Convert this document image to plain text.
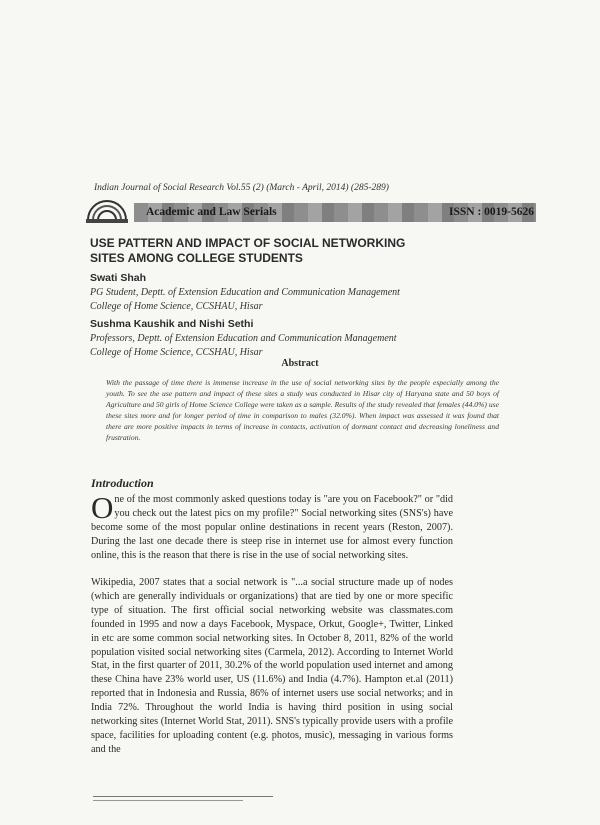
Indian Journal of Social Research Vol.55 (2) (March - April, 2014) (285-289)
Academic and Law Serials	ISSN : 0019-5626
USE PATTERN AND IMPACT OF SOCIAL NETWORKING
SITES AMONG COLLEGE STUDENTS
Swati Shah
PG Student, Deptt. of Extension Education and Communication Management
College of Home Science, CCSHAU, Hisar
Sushma Kaushik and Nishi Sethi
Professors, Deptt. of Extension Education and Communication Management
College of Home Science, CCSHAU, Hisar
Abstract

With the passage of time there is immense increase in the use of social networking sites by the people especially among the youth. To see the use pattern and impact of these sites a study was conducted in Hisar city of Haryana state and 50 boys of Agriculture and 50 girls of Home Science College were taken as a sample. Results of the study revealed that females (44.0%) use these sites more and for longer period of time in comparison to males (32.0%). When impact was assessed it was found that there are more positive impacts in terms of increase in contacts, activation of dormant contact and decreasing loneliness and frustration.

Introduction

One of the most commonly asked questions today is "are you on Facebook?" or "did you check out the latest pics on my profile?" Social networking sites (SNS's) have become some of the most popular online destinations in recent years (Reston, 2007). During the last one decade there is steep rise in internet use for almost every function online, this is the reason that there is rise in the use of social networking sites.

Wikipedia, 2007 states that a social network is "...a social structure made up of nodes (which are generally individuals or organizations) that are tied by one or more specific type of situation. The first official social networking website was classmates.com founded in 1995 and now a days Facebook, Myspace, Orkut, Google+, Twitter, Linked in etc are some common social networking sites. In October 8, 2011, 82% of the world population visited social networking sites (Carmela, 2012). According to Internet World Stat, in the first quarter of 2011, 30.2% of the world population used internet and among these China have 23% world user, US (11.6%) and India (4.7%). Hampton et.al (2011) reported that in Indonesia and Russia, 86% of internet users use social networks; and in India 72%. Throughout the world India is having third position in using social networking sites (Internet World Stat, 2011). SNS's typically provide users with a profile space, facilities for uploading content (e.g. photos, music), messaging in various forms and the
